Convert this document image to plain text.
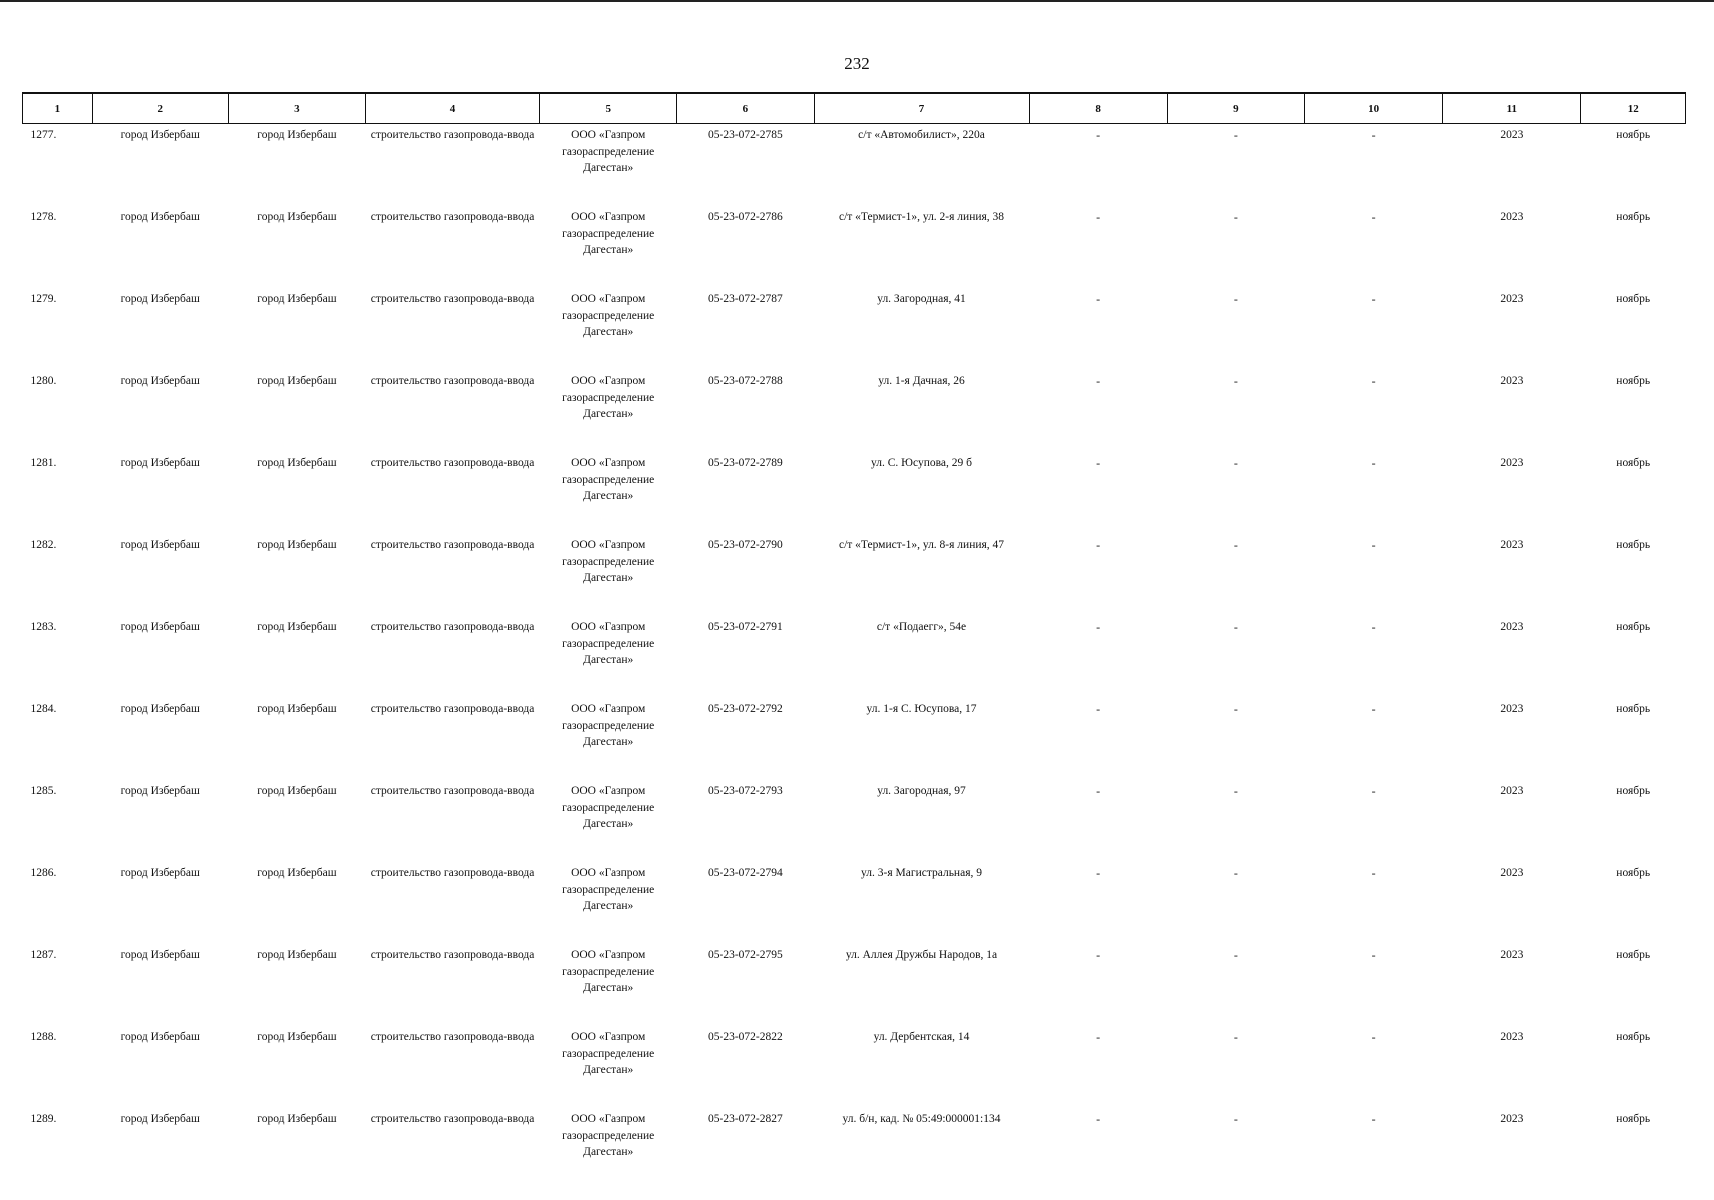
232
1	2	3	4	5	6	7	8	9	10	11	12
1277.	город Избербаш	город Избербаш	строительство газопровода-ввода	ООО «Газпром газораспределение Дагестан»	05-23-072-2785	с/т «Автомобилист», 220а	-	-	-	2023	ноябрь
1278.	город Избербаш	город Избербаш	строительство газопровода-ввода	ООО «Газпром газораспределение Дагестан»	05-23-072-2786	с/т «Термист-1», ул. 2-я линия, 38	-	-	-	2023	ноябрь
1279.	город Избербаш	город Избербаш	строительство газопровода-ввода	ООО «Газпром газораспределение Дагестан»	05-23-072-2787	ул. Загородная, 41	-	-	-	2023	ноябрь
1280.	город Избербаш	город Избербаш	строительство газопровода-ввода	ООО «Газпром газораспределение Дагестан»	05-23-072-2788	ул. 1-я Дачная, 26	-	-	-	2023	ноябрь
1281.	город Избербаш	город Избербаш	строительство газопровода-ввода	ООО «Газпром газораспределение Дагестан»	05-23-072-2789	ул. С. Юсупова, 29 б	-	-	-	2023	ноябрь
1282.	город Избербаш	город Избербаш	строительство газопровода-ввода	ООО «Газпром газораспределение Дагестан»	05-23-072-2790	с/т «Термист-1», ул. 8-я линия, 47	-	-	-	2023	ноябрь
1283.	город Избербаш	город Избербаш	строительство газопровода-ввода	ООО «Газпром газораспределение Дагестан»	05-23-072-2791	с/т «Подаегг», 54е	-	-	-	2023	ноябрь
1284.	город Избербаш	город Избербаш	строительство газопровода-ввода	ООО «Газпром газораспределение Дагестан»	05-23-072-2792	ул. 1-я С. Юсупова, 17	-	-	-	2023	ноябрь
1285.	город Избербаш	город Избербаш	строительство газопровода-ввода	ООО «Газпром газораспределение Дагестан»	05-23-072-2793	ул. Загородная, 97	-	-	-	2023	ноябрь
1286.	город Избербаш	город Избербаш	строительство газопровода-ввода	ООО «Газпром газораспределение Дагестан»	05-23-072-2794	ул. 3-я Магистральная, 9	-	-	-	2023	ноябрь
1287.	город Избербаш	город Избербаш	строительство газопровода-ввода	ООО «Газпром газораспределение Дагестан»	05-23-072-2795	ул. Аллея Дружбы Народов, 1а	-	-	-	2023	ноябрь
1288.	город Избербаш	город Избербаш	строительство газопровода-ввода	ООО «Газпром газораспределение Дагестан»	05-23-072-2822	ул. Дербентская, 14	-	-	-	2023	ноябрь
1289.	город Избербаш	город Избербаш	строительство газопровода-ввода	ООО «Газпром газораспределение Дагестан»	05-23-072-2827	ул. б/н, кад. № 05:49:000001:134	-	-	-	2023	ноябрь
